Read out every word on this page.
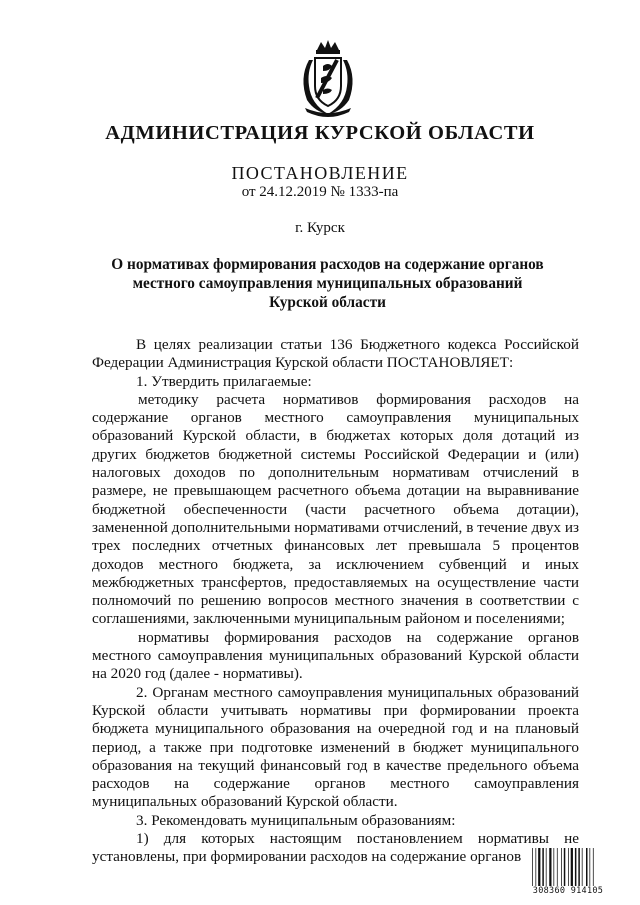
АДМИНИСТРАЦИЯ КУРСКОЙ ОБЛАСТИ
ПОСТАНОВЛЕНИЕ
от 24.12.2019 № 1333-па
г. Курск
О нормативах формирования расходов на содержание органов
местного самоуправления муниципальных образований
Курской области

В целях реализации статьи 136 Бюджетного кодекса Российской Федерации Администрация Курской области ПОСТАНОВЛЯЕТ:

1. Утвердить прилагаемые:

методику расчета нормативов формирования расходов на содержание органов местного самоуправления муниципальных образований Курской области, в бюджетах которых доля дотаций из других бюджетов бюджетной системы Российской Федерации и (или) налоговых доходов по дополнительным нормативам отчислений в размере, не превышающем расчетного объема дотации на выравнивание бюджетной обеспеченности (части расчетного объема дотации), замененной дополнительными нормативами отчислений, в течение двух из трех последних отчетных финансовых лет превышала 5 процентов доходов местного бюджета, за исключением субвенций и иных межбюджетных трансфертов, предоставляемых на осуществление части полномочий по решению вопросов местного значения в соответствии с соглашениями, заключенными муниципальным районом и поселениями;

нормативы формирования расходов на содержание органов местного самоуправления муниципальных образований Курской области на 2020 год (далее - нормативы).

2. Органам местного самоуправления муниципальных образований Курской области учитывать нормативы при формировании проекта бюджета муниципального образования на очередной год и на плановый период, а также при подготовке изменений в бюджет муниципального образования на текущий финансовый год в качестве предельного объема расходов на содержание органов местного самоуправления муниципальных образований Курской области.

3. Рекомендовать муниципальным образованиям:

1) для которых настоящим постановлением нормативы не установлены, при формировании расходов на содержание органов

308360 914105
